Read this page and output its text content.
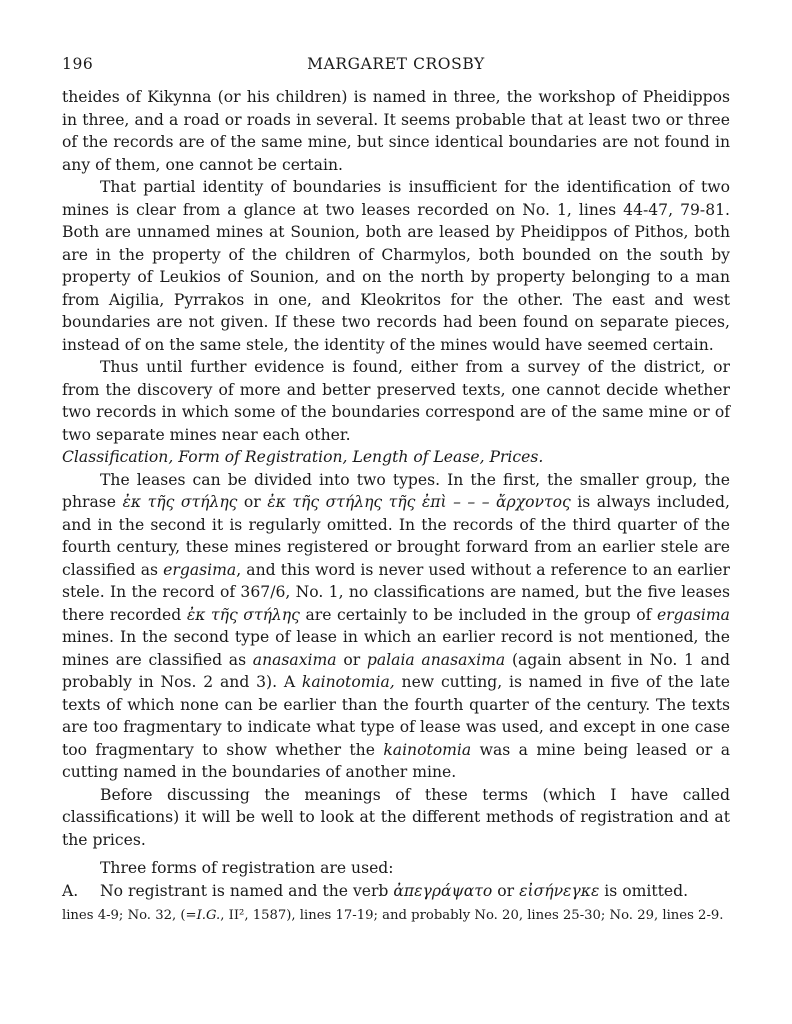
196	MARGARET CROSBY

theides of Kikynna (or his children) is named in three, the workshop of Pheidippos in three, and a road or roads in several. It seems probable that at least two or three of the records are of the same mine, but since identical boundaries are not found in any of them, one cannot be certain.

That partial identity of boundaries is insufficient for the identification of two mines is clear from a glance at two leases recorded on No. 1, lines 44-47, 79-81. Both are unnamed mines at Sounion, both are leased by Pheidippos of Pithos, both are in the property of the children of Charmylos, both bounded on the south by property of Leukios of Sounion, and on the north by property belonging to a man from Aigilia, Pyrrakos in one, and Kleokritos for the other. The east and west boundaries are not given. If these two records had been found on separate pieces, instead of on the same stele, the identity of the mines would have seemed certain.

Thus until further evidence is found, either from a survey of the district, or from the discovery of more and better preserved texts, one cannot decide whether two records in which some of the boundaries correspond are of the same mine or of two separate mines near each other.

Classification, Form of Registration, Length of Lease, Prices.

The leases can be divided into two types. In the first, the smaller group, the phrase ἐκ τῆς στήλης or ἐκ τῆς στήλης τῆς ἐπὶ – – – ἄρχοντος is always included, and in the second it is regularly omitted. In the records of the third quarter of the fourth century, these mines registered or brought forward from an earlier stele are classified as ergasima, and this word is never used without a reference to an earlier stele. In the record of 367/6, No. 1, no classifications are named, but the five leases there recorded ἐκ τῆς στήλης are certainly to be included in the group of ergasima mines. In the second type of lease in which an earlier record is not mentioned, the mines are classified as anasaxima or palaia anasaxima (again absent in No. 1 and probably in Nos. 2 and 3). A kainotomia, new cutting, is named in five of the late texts of which none can be earlier than the fourth quarter of the century. The texts are too fragmentary to indicate what type of lease was used, and except in one case too fragmentary to show whether the kainotomia was a mine being leased or a cutting named in the boundaries of another mine.

Before discussing the meanings of these terms (which I have called classifications) it will be well to look at the different methods of registration and at the prices.

Three forms of registration are used:

A. No registrant is named and the verb ἀπεγράψατο or εἰσήνεγκε is omitted.

lines 4-9; No. 32, (=I.G., II², 1587), lines 17-19; and probably No. 20, lines 25-30; No. 29, lines 2-9.
